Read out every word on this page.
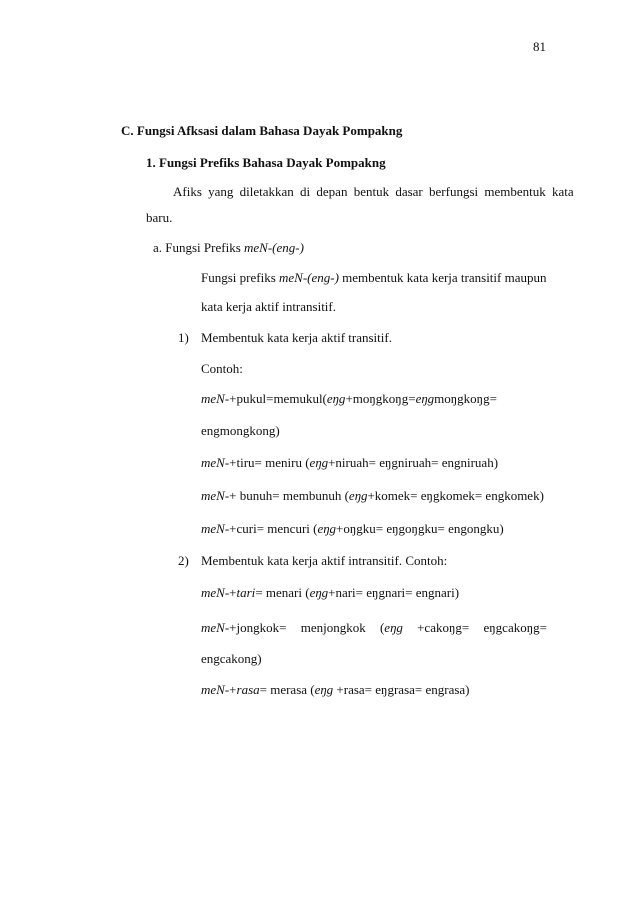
81
C. Fungsi Afksasi dalam Bahasa Dayak Pompakng
1. Fungsi Prefiks Bahasa Dayak Pompakng
Afiks yang diletakkan di depan bentuk dasar berfungsi membentuk kata
baru.
a. Fungsi Prefiks meN-(eng-)
Fungsi prefiks meN-(eng-) membentuk kata kerja transitif maupun
kata kerja aktif intransitif.
1) Membentuk kata kerja aktif transitif.
Contoh:
meN-+pukul=memukul(eŋg+moŋgkoŋg=eŋgmoŋgkoŋg=
engmongkong)
meN-+tiru= meniru (eŋg+niruah= eŋgniruah= engniruah)
meN-+ bunuh= membunuh (eŋg+komek= eŋgkomek= engkomek)
meN-+curi= mencuri (eŋg+oŋgku= eŋgoŋgku= engongku)
2) Membentuk kata kerja aktif intransitif. Contoh:
meN-+tari= menari (eŋg+nari= eŋgnari= engnari)
meN-+jongkok= menjongkok (eŋg +cakoŋg= eŋgcakoŋg=
engcakong)
meN-+rasa= merasa (eŋg +rasa= eŋgrasa= engrasa)
